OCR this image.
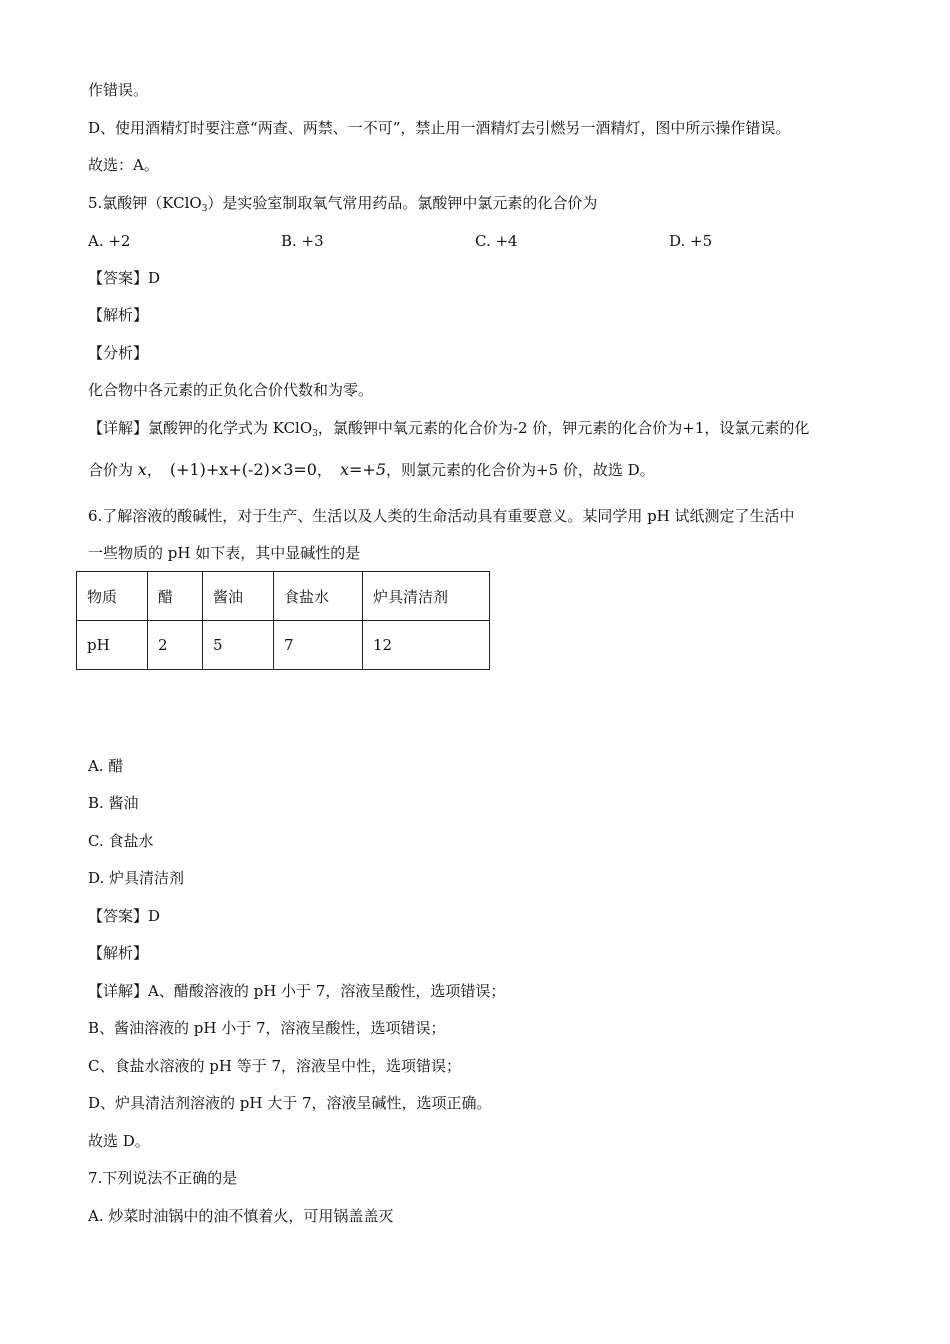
作错误。
D、使用酒精灯时要注意“两查、两禁、一不可”，禁止用一酒精灯去引燃另一酒精灯，图中所示操作错误。
故选：A。
5.氯酸钾（KClO$_3$）是实验室制取氧气常用药品。氯酸钾中氯元素的化合价为
A. +2	B. +3	C. +4	D. +5
【答案】D
【解析】
【分析】
化合物中各元素的正负化合价代数和为零。
【详解】氯酸钾的化学式为 KClO$_3$，氯酸钾中氧元素的化合价为-2 价，钾元素的化合价为+1，设氯元素的化
合价为 x， (+1)+x+(-2)×3=0， x=+5，则氯元素的化合价为+5 价，故选 D。
6.了解溶液的酸碱性，对于生产、生活以及人类的生命活动具有重要意义。某同学用 pH 试纸测定了生活中
一些物质的 pH 如下表，其中显碱性的是
物质	醋	酱油	食盐水	炉具清洁剂
pH	2	5	7	12
A. 醋
B. 酱油
C. 食盐水
D. 炉具清洁剂
【答案】D
【解析】
【详解】A、醋酸溶液的 pH 小于 7，溶液呈酸性，选项错误；
B、酱油溶液的 pH 小于 7，溶液呈酸性，选项错误；
C、食盐水溶液的 pH 等于 7，溶液呈中性，选项错误；
D、炉具清洁剂溶液的 pH 大于 7，溶液呈碱性，选项正确。
故选 D。
7.下列说法不正确的是
A. 炒菜时油锅中的油不慎着火，可用锅盖盖灭
